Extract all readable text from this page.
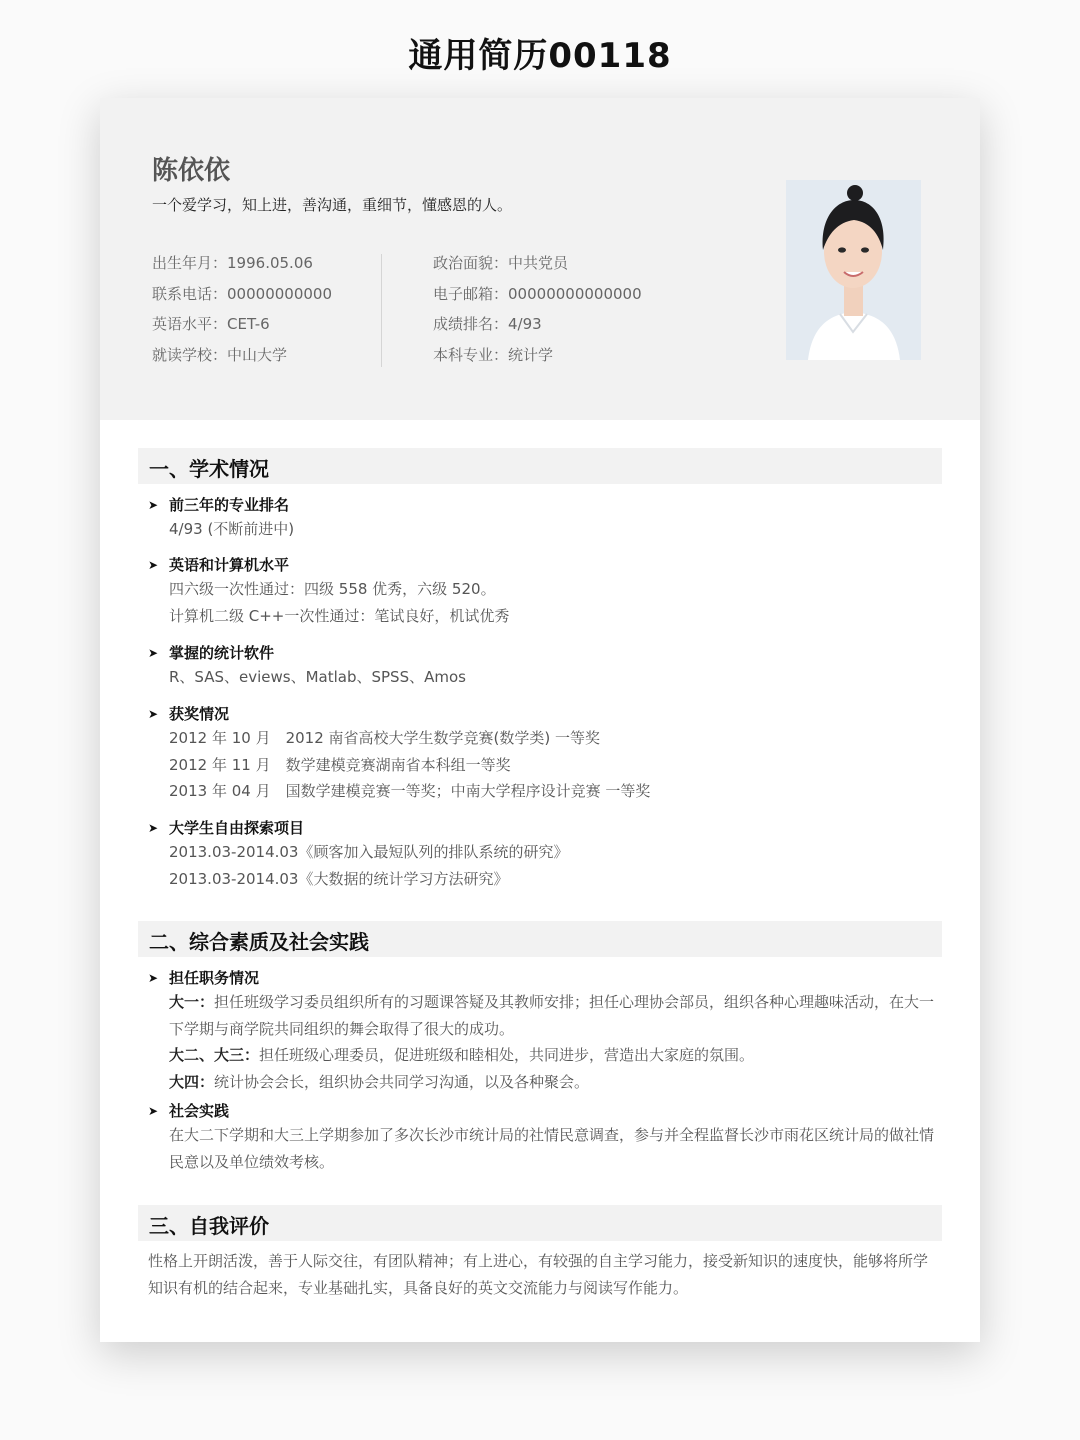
通用简历00118
陈依依
一个爱学习，知上进，善沟通，重细节，懂感恩的人。
出生年月：1996.05.06
联系电话：00000000000
英语水平：CET-6
就读学校：中山大学
政治面貌：中共党员
电子邮箱：00000000000000
成绩排名：4/93
本科专业：统计学
一、学术情况
➤ 前三年的专业排名
4/93 (不断前进中)
➤ 英语和计算机水平
四六级一次性通过：四级 558 优秀，六级 520。
计算机二级 C++一次性通过：笔试良好，机试优秀
➤ 掌握的统计软件
R、SAS、eviews、Matlab、SPSS、Amos
➤ 获奖情况
2012 年 10 月　2012 南省高校大学生数学竞赛(数学类) 一等奖
2012 年 11 月　数学建模竞赛湖南省本科组一等奖
2013 年 04 月　国数学建模竞赛一等奖；中南大学程序设计竞赛 一等奖
➤ 大学生自由探索项目
2013.03-2014.03《顾客加入最短队列的排队系统的研究》
2013.03-2014.03《大数据的统计学习方法研究》
二、综合素质及社会实践
➤ 担任职务情况
大一：担任班级学习委员组织所有的习题课答疑及其教师安排；担任心理协会部员，组织各种心理趣味活动，在大一下学期与商学院共同组织的舞会取得了很大的成功。
大二、大三：担任班级心理委员，促进班级和睦相处，共同进步，营造出大家庭的氛围。
大四：统计协会会长，组织协会共同学习沟通，以及各种聚会。
➤ 社会实践
在大二下学期和大三上学期参加了多次长沙市统计局的社情民意调查，参与并全程监督长沙市雨花区统计局的做社情民意以及单位绩效考核。
三、自我评价
性格上开朗活泼，善于人际交往，有团队精神；有上进心，有较强的自主学习能力，接受新知识的速度快，能够将所学知识有机的结合起来，专业基础扎实，具备良好的英文交流能力与阅读写作能力。
